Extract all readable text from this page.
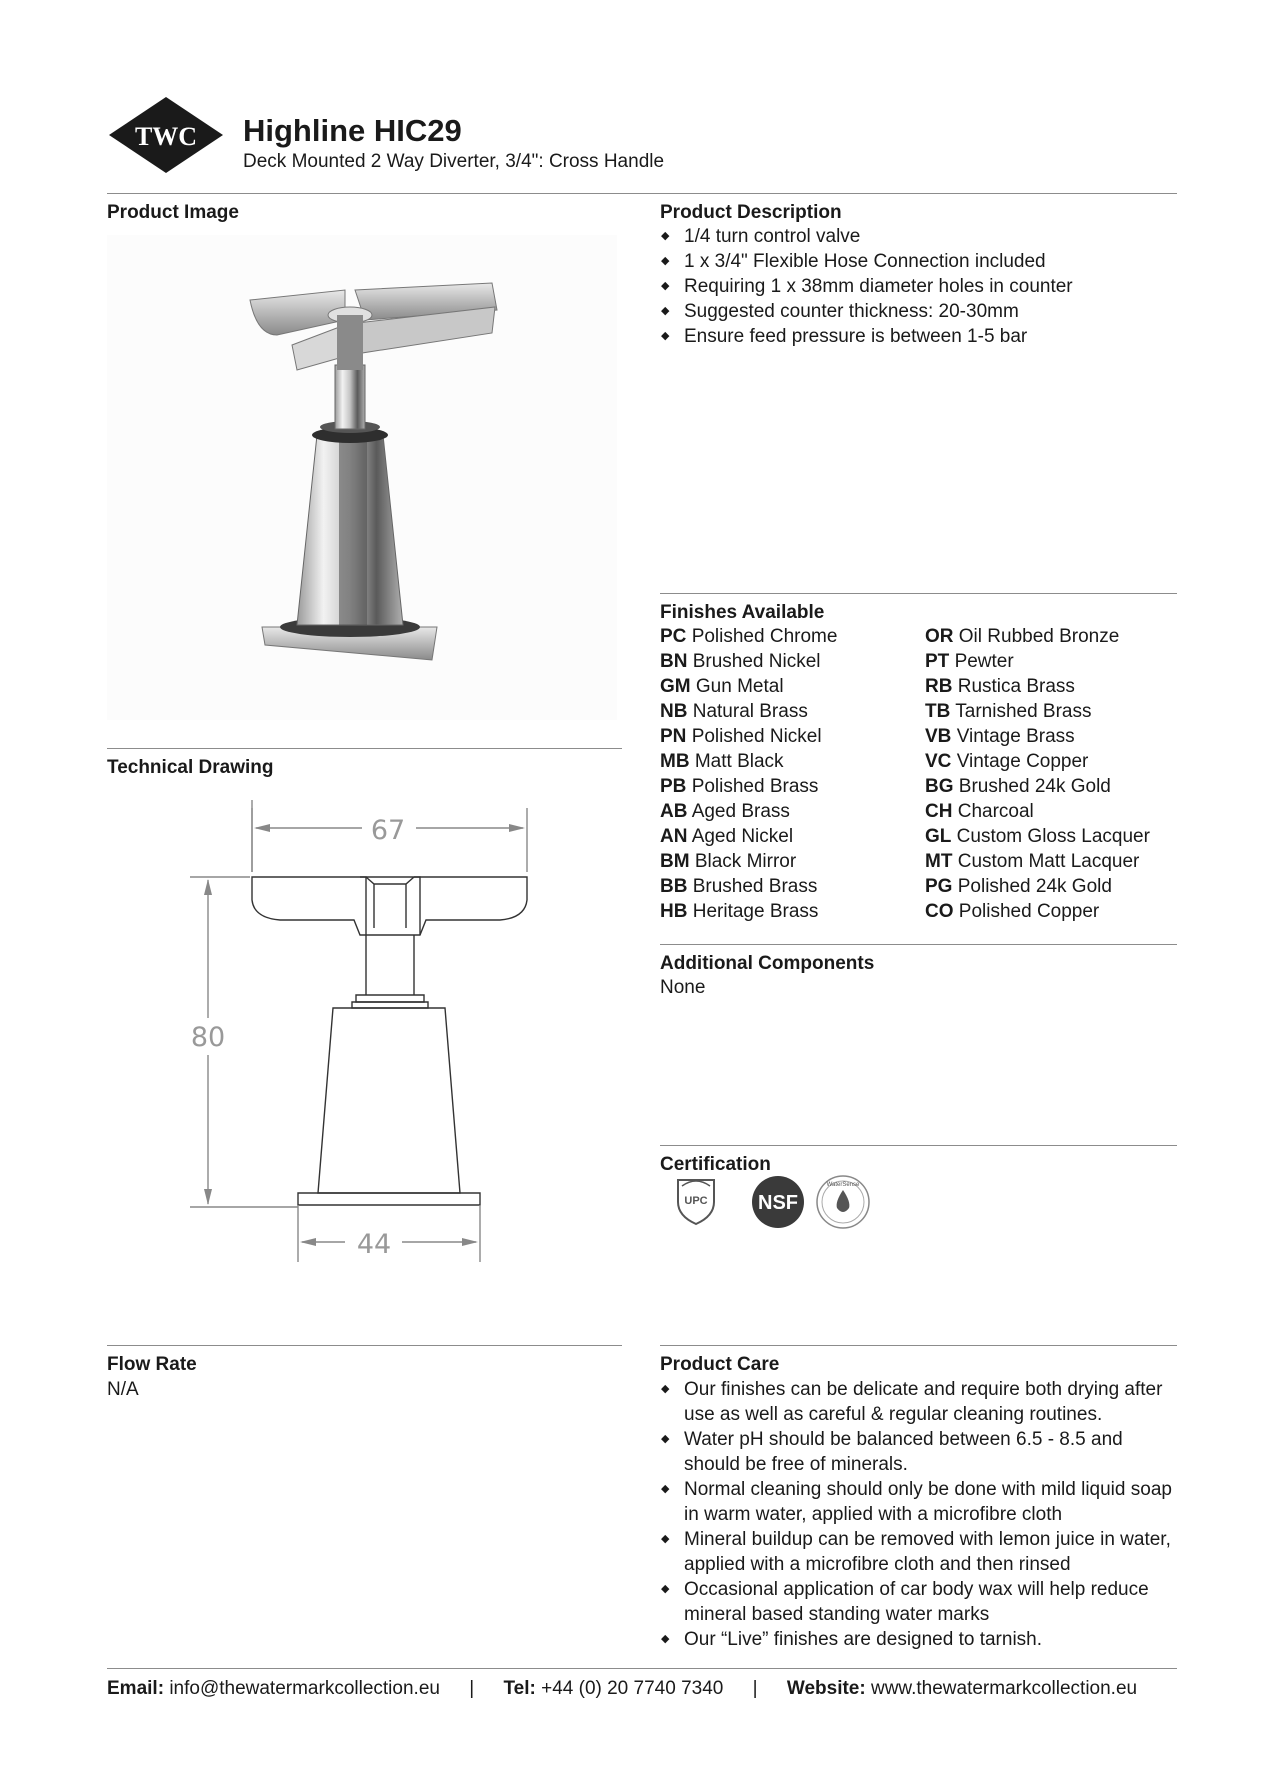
TWC Highline HIC29
Deck Mounted 2 Way Diverter, 3/4": Cross Handle
Product Image
Technical Drawing
67
80
44
Product Description
◆ 1/4 turn control valve
◆ 1 x 3/4" Flexible Hose Connection included
◆ Requiring 1 x 38mm diameter holes in counter
◆ Suggested counter thickness: 20-30mm
◆ Ensure feed pressure is between 1-5 bar
Finishes Available
PC Polished Chrome
BN Brushed Nickel
GM Gun Metal
NB Natural Brass
PN Polished Nickel
MB Matt Black
PB Polished Brass
AB Aged Brass
AN Aged Nickel
BM Black Mirror
BB Brushed Brass
HB Heritage Brass
OR Oil Rubbed Bronze
PT Pewter
RB Rustica Brass
TB Tarnished Brass
VB Vintage Brass
VC Vintage Copper
BG Brushed 24k Gold
CH Charcoal
GL Custom Gloss Lacquer
MT Custom Matt Lacquer
PG Polished 24k Gold
CO Polished Copper
Additional Components
None
Certification
UPC	NSF
WaterSense
Flow Rate
N/A
Product Care
◆ Our finishes can be delicate and require both drying after use as well as careful & regular cleaning routines.
◆ Water pH should be balanced between 6.5 - 8.5 and should be free of minerals.
◆ Normal cleaning should only be done with mild liquid soap in warm water, applied with a microfibre cloth
◆ Mineral buildup can be removed with lemon juice in water, applied with a microfibre cloth and then rinsed
◆ Occasional application of car body wax will help reduce mineral based standing water marks
◆ Our “Live” finishes are designed to tarnish.
Email: info@thewatermarkcollection.eu | Tel: +44 (0) 20 7740 7340 | Website: www.thewatermarkcollection.eu
